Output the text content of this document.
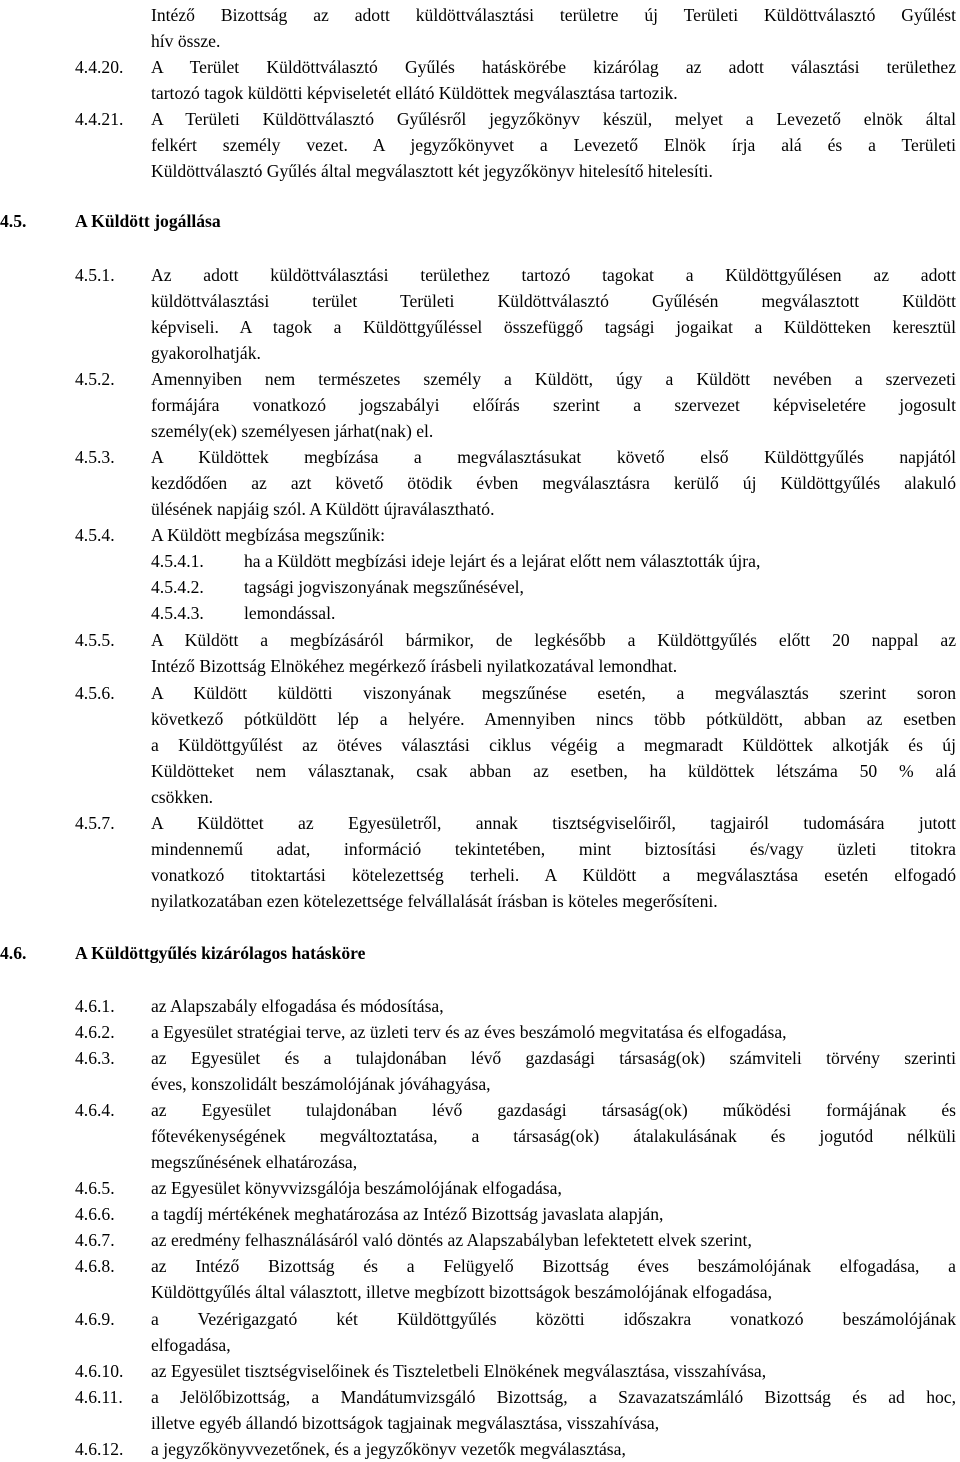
Intéző Bizottság az adott küldöttválasztási területre új Területi Küldöttválasztó Gyűlést
hív össze.
4.4.20. A Terület Küldöttválasztó Gyűlés hatáskörébe kizárólag az adott választási területhez
tartozó tagok küldötti képviseletét ellátó Küldöttek megválasztása tartozik.
4.4.21. A Területi Küldöttválasztó Gyűlésről jegyzőkönyv készül, melyet a Levezető elnök által
felkért személy vezet. A jegyzőkönyvet a Levezető Elnök írja alá és a Területi
Küldöttválasztó Gyűlés által megválasztott két jegyzőkönyv hitelesítő hitelesíti.
4.5.	A Küldött jogállása
4.5.1. Az adott küldöttválasztási területhez tartozó tagokat a Küldöttgyűlésen az adott
küldöttválasztási terület Területi Küldöttválasztó Gyűlésén megválasztott Küldött
képviseli. A tagok a Küldöttgyűléssel összefüggő tagsági jogaikat a Küldötteken keresztül
gyakorolhatják.
4.5.2. Amennyiben nem természetes személy a Küldött, úgy a Küldött nevében a szervezeti
formájára vonatkozó jogszabályi előírás szerint a szervezet képviseletére jogosult
személy(ek) személyesen járhat(nak) el.
4.5.3. A Küldöttek megbízása a megválasztásukat követő első Küldöttgyűlés napjától
kezdődően az azt követő ötödik évben megválasztásra kerülő új Küldöttgyűlés alakuló
ülésének napjáig szól. A Küldött újraválasztható.
4.5.4. A Küldött megbízása megszűnik:
4.5.4.1. ha a Küldött megbízási ideje lejárt és a lejárat előtt nem választották újra,
4.5.4.2. tagsági jogviszonyának megszűnésével,
4.5.4.3. lemondással.
4.5.5. A Küldött a megbízásáról bármikor, de legkésőbb a Küldöttgyűlés előtt 20 nappal az
Intéző Bizottság Elnökéhez megérkező írásbeli nyilatkozatával lemondhat.
4.5.6. A Küldött küldötti viszonyának megszűnése esetén, a megválasztás szerint soron
következő pótküldött lép a helyére. Amennyiben nincs több pótküldött, abban az esetben
a Küldöttgyűlést az ötéves választási ciklus végéig a megmaradt Küldöttek alkotják és új
Küldötteket nem választanak, csak abban az esetben, ha küldöttek létszáma 50 % alá
csökken.
4.5.7. A Küldöttet az Egyesületről, annak tisztségviselőiről, tagjairól tudomására jutott
mindennemű adat, információ tekintetében, mint biztosítási és/vagy üzleti titokra
vonatkozó titoktartási kötelezettség terheli. A Küldött a megválasztása esetén elfogadó
nyilatkozatában ezen kötelezettsége felvállalását írásban is köteles megerősíteni.
4.6.	A Küldöttgyűlés kizárólagos hatásköre
4.6.1. az Alapszabály elfogadása és módosítása,
4.6.2. a Egyesület stratégiai terve, az üzleti terv és az éves beszámoló megvitatása és elfogadása,
4.6.3. az Egyesület és a tulajdonában lévő gazdasági társaság(ok) számviteli törvény szerinti
éves, konszolidált beszámolójának jóváhagyása,
4.6.4. az Egyesület tulajdonában lévő gazdasági társaság(ok) működési formájának és
főtevékenységének megváltoztatása, a társaság(ok) átalakulásának és jogutód nélküli
megszűnésének elhatározása,
4.6.5. az Egyesület könyvvizsgálója beszámolójának elfogadása,
4.6.6. a tagdíj mértékének meghatározása az Intéző Bizottság javaslata alapján,
4.6.7. az eredmény felhasználásáról való döntés az Alapszabályban lefektetett elvek szerint,
4.6.8. az Intéző Bizottság és a Felügyelő Bizottság éves beszámolójának elfogadása, a
Küldöttgyűlés által választott, illetve megbízott bizottságok beszámolójának elfogadása,
4.6.9. a Vezérigazgató két Küldöttgyűlés közötti időszakra vonatkozó beszámolójának
elfogadása,
4.6.10. az Egyesület tisztségviselőinek és Tiszteletbeli Elnökének megválasztása, visszahívása,
4.6.11. a Jelölőbizottság, a Mandátumvizsgáló Bizottság, a Szavazatszámláló Bizottság és ad hoc,
illetve egyéb állandó bizottságok tagjainak megválasztása, visszahívása,
4.6.12. a jegyzőkönyvvezetőnek, és a jegyzőkönyv vezetők megválasztása,
